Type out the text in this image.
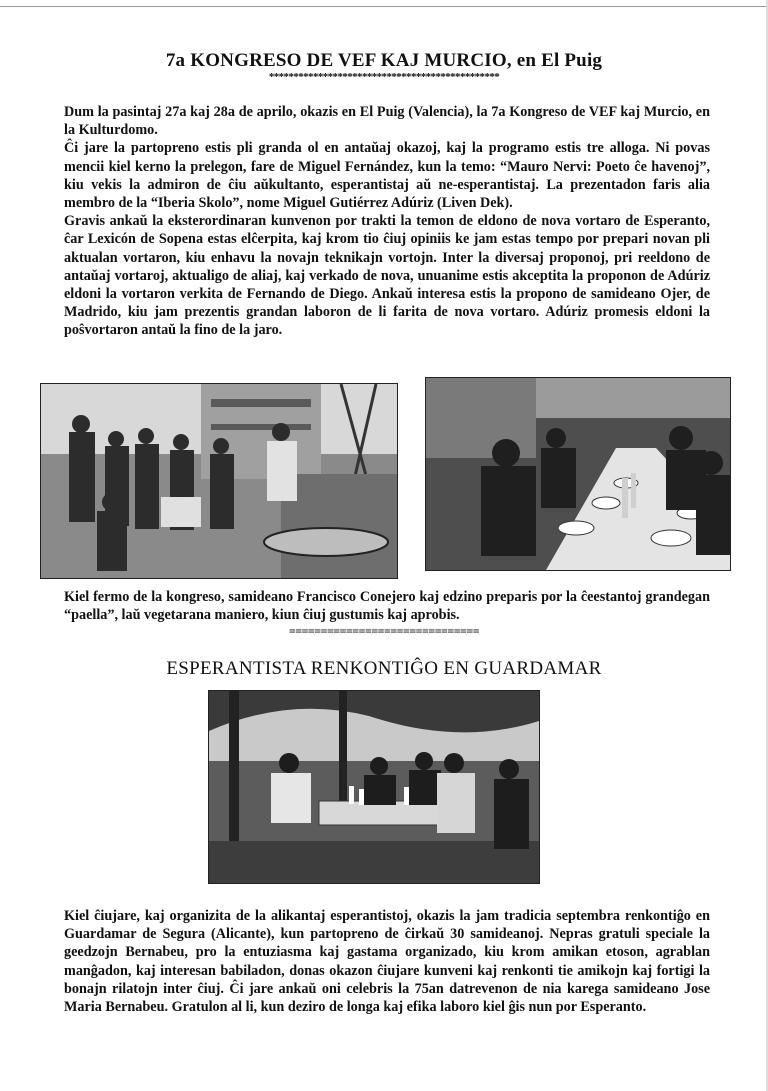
7a KONGRESO DE VEF KAJ MURCIO, en El Puig
***********************************************

Dum la pasintaj 27a kaj 28a de aprilo, okazis en El Puig (Valencia), la 7a Kongreso de VEF kaj Murcio, en la Kulturdomo.

Ĉi jare la partopreno estis pli granda ol en antaŭaj okazoj, kaj la programo estis tre alloga. Ni povas mencii kiel kerno la prelegon, fare de Miguel Fernández, kun la temo: “Mauro Nervi: Poeto ĉe havenoj”, kiu vekis la admiron de ĉiu aŭkultanto, esperantistaj aŭ ne-esperantistaj. La prezentadon faris alia membro de la “Iberia Skolo”, nome Miguel Gutiérrez Adúriz (Liven Dek).

Gravis ankaŭ la eksterordinaran kunvenon por trakti la temon de eldono de nova vortaro de Esperanto, ĉar Lexicón de Sopena estas elĉerpita, kaj krom tio ĉiuj opiniis ke jam estas tempo por prepari novan pli aktualan vortaron, kiu enhavu la novajn teknikajn vortojn. Inter la diversaj proponoj, pri reeldono de antaŭaj vortaroj, aktualigo de aliaj, kaj verkado de nova, unuanime estis akceptita la proponon de Adúriz eldoni la vortaron verkita de Fernando de Diego. Ankaŭ interesa estis la propono de samideano Ojer, de Madrido, kiu jam prezentis grandan laboron de li farita de nova vortaro. Adúriz promesis eldoni la poŝvortaron antaŭ la fino de la jaro.

Kiel fermo de la kongreso, samideano Francisco Conejero kaj edzino preparis por la ĉeestantoj grandegan “paella”, laŭ vegetarana maniero, kiun ĉiuj gustumis kaj aprobis.
==============================
ESPERANTISTA RENKONTIĜO EN GUARDAMAR

Kiel ĉiujare, kaj organizita de la alikantaj esperantistoj, okazis la jam tradicia septembra renkontiĝo en Guardamar de Segura (Alicante), kun partopreno de ĉirkaŭ 30 samideanoj. Nepras gratuli speciale la geedzojn Bernabeu, pro la entuziasma kaj gastama organizado, kiu krom amikan etoson, agrablan manĝadon, kaj interesan babiladon, donas okazon ĉiujare kunveni kaj renkonti tie amikojn kaj fortigi la bonajn rilatojn inter ĉiuj. Ĉi jare ankaŭ oni celebris la 75an datrevenon de nia karega samideano Jose Maria Bernabeu. Gratulon al li, kun deziro de longa kaj efika laboro kiel ĝis nun por Esperanto.
